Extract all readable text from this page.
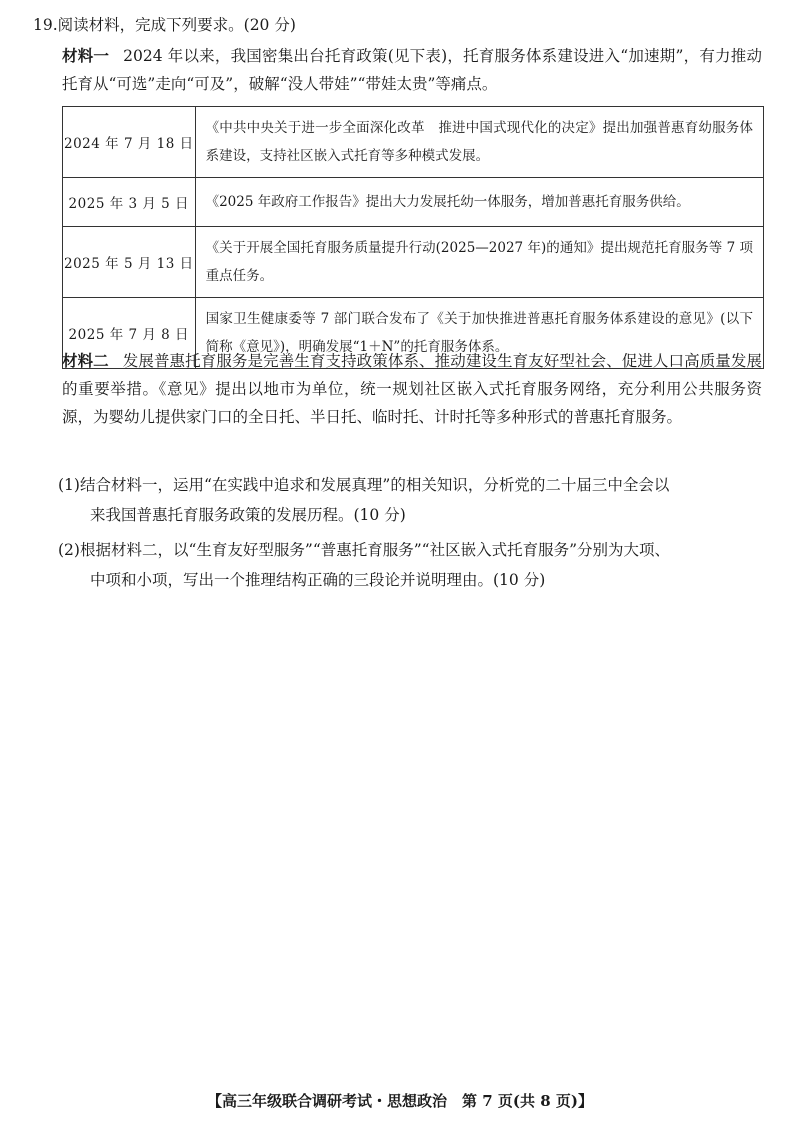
19.阅读材料，完成下列要求。(20 分)
材料一 2024 年以来，我国密集出台托育政策(见下表)，托育服务体系建设进入“加速期”，有力推动托育从“可选”走向“可及”，破解“没人带娃”“带娃太贵”等痛点。
2024 年 7 月 18 日	《中共中央关于进一步全面深化改革　推进中国式现代化的决定》提出加强普惠育幼服务体系建设，支持社区嵌入式托育等多种模式发展。
2025 年 3 月 5 日	《2025 年政府工作报告》提出大力发展托幼一体服务，增加普惠托育服务供给。
2025 年 5 月 13 日	《关于开展全国托育服务质量提升行动(2025—2027 年)的通知》提出规范托育服务等 7 项重点任务。
2025 年 7 月 8 日	国家卫生健康委等 7 部门联合发布了《关于加快推进普惠托育服务体系建设的意见》(以下简称《意见》)，明确发展“1＋N”的托育服务体系。
材料二 发展普惠托育服务是完善生育支持政策体系、推动建设生育友好型社会、促进人口高质量发展的重要举措。《意见》提出以地市为单位，统一规划社区嵌入式托育服务网络，充分利用公共服务资源，为婴幼儿提供家门口的全日托、半日托、临时托、计时托等多种形式的普惠托育服务。
(1)结合材料一，运用“在实践中追求和发展真理”的相关知识，分析党的二十届三中全会以
来我国普惠托育服务政策的发展历程。(10 分)
(2)根据材料二，以“生育友好型服务”“普惠托育服务”“社区嵌入式托育服务”分别为大项、
中项和小项，写出一个推理结构正确的三段论并说明理由。(10 分)
【高三年级联合调研考试・思想政治　第 7 页(共 8 页)】
